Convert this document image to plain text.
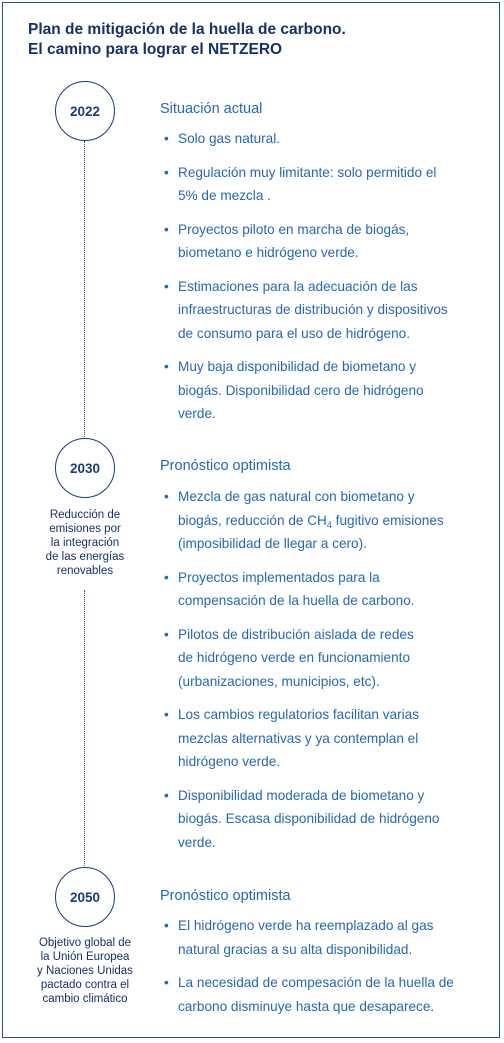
Plan de mitigación de la huella de carbono.
El camino para lograr el NETZERO
2022	Situación actual
• Solo gas natural.
• Regulación muy limitante: solo permitido el
5% de mezcla .
• Proyectos piloto en marcha de biogás,
biometano e hidrógeno verde.
• Estimaciones para la adecuación de las
infraestructuras de distribución y dispositivos
de consumo para el uso de hidrógeno.
• Muy baja disponibilidad de biometano y
biogás. Disponibilidad cero de hidrógeno
verde.
2030
Reducción de
emisiones por
la integración
de las energías
renovables
Pronóstico optimista
• Mezcla de gas natural con biometano y
biogás, reducción de $CH_4$ fugitivo emisiones
(imposibilidad de llegar a cero).
• Proyectos implementados para la
compensación de la huella de carbono.
• Pilotos de distribución aislada de redes
de hidrógeno verde en funcionamiento
(urbanizaciones, municipios, etc).
• Los cambios regulatorios facilitan varias
mezclas alternativas y ya contemplan el
hidrógeno verde.
• Disponibilidad moderada de biometano y
biogás. Escasa disponibilidad de hidrógeno
verde.
2050
Objetivo global de
la Unión Europea
y Naciones Unidas
pactado contra el
cambio climático
Pronóstico optimista
• El hidrógeno verde ha reemplazado al gas
natural gracias a su alta disponibilidad.
• La necesidad de compesación de la huella de
carbono disminuye hasta que desaparece.
